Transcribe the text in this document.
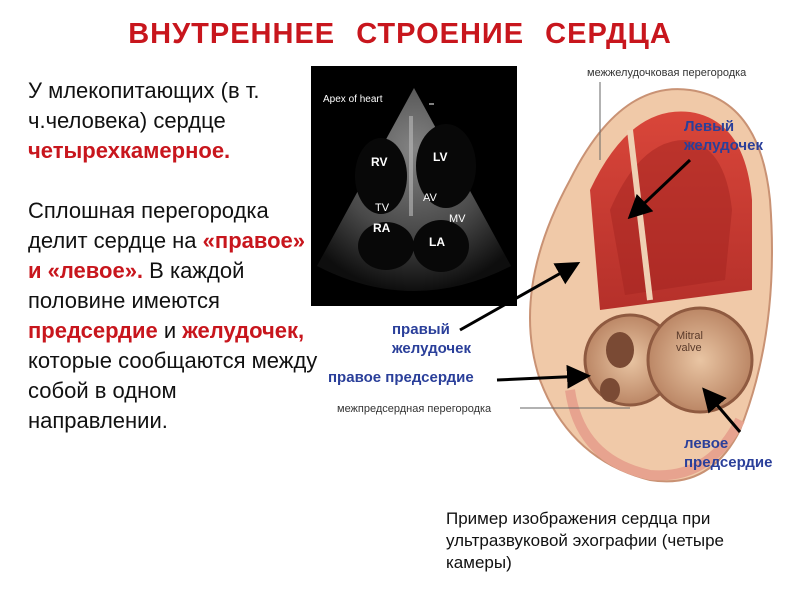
ВНУТРЕННЕЕ СТРОЕНИЕ СЕРДЦА
У млекопитающих (в т. ч.человека) сердце четырехкамерное.
Сплошная перегородка делит сердце на «правое» и «левое». В каждой половине имеются предсердие и желудочек, которые сообщаются между собой в одном направлении.
Apex of heart
RV	LV
AV
TV
MV
RA
LA
межжелудочковая перегородка
Левый желудочек
правый желудочек
правое предсердие
межпредсердная перегородка
левое предсердие
Mitral valve
Пример изображения сердца при ультразвуковой эхографии (четыре камеры)
